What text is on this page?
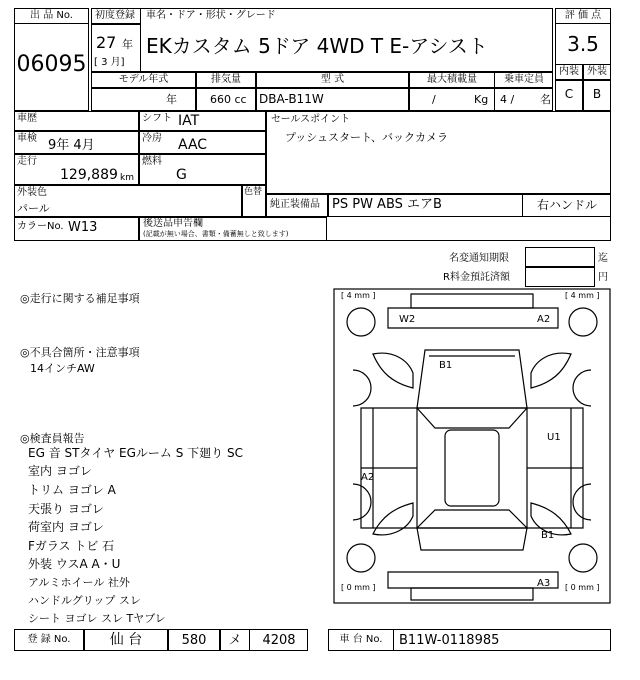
出 品 No.
06095
初度登録 車名・ドア・形状・グレード
27 年
[ 3 月]
EKカスタム 5ドア 4WD T E-アシスト
評 価 点
3.5
内装 外装
C	B
モデル年式	排気量	型 式	最大積載量	乗車定員
年	660 cc DBA-B11W	/	Kg 4 / 名
車歴
車検 9年 4月
走行
129,889 km
シフト IAT
冷房 AAC
燃料
G
セールスポイント
プッシュスタート、バックカメラ
外装色
パール
色替
純正装備品 PS PW ABS エアB	右ハンドル
カラーNo. W13	後送品申告欄
(記載が無い場合、書類・備蓄無しと致します)
名変通知期限	迄
R料金預託済額	円
◎走行に関する補足事項
◎不具合箇所・注意事項
14インチAW
◎検査員報告
EG 音 STタイヤ EGルーム S 下廻り SC
室内 ヨゴレ
トリム ヨゴレ A
天張り ヨゴレ
荷室内 ヨゴレ
Fガラス トビ 石
外装 ウスA A・U
アルミホイール 社外
ハンドルグリップ スレ
シート ヨゴレ スレ Tヤブレ
[ 4 mm ]	[ 4 mm ]
[ 0 mm ]	[ 0 mm ]
W2	A2
B1
U1
A2
B1
A3
登 録 No.	仙 台	580	メ	4208	車 台 No.	B11W-0118985
